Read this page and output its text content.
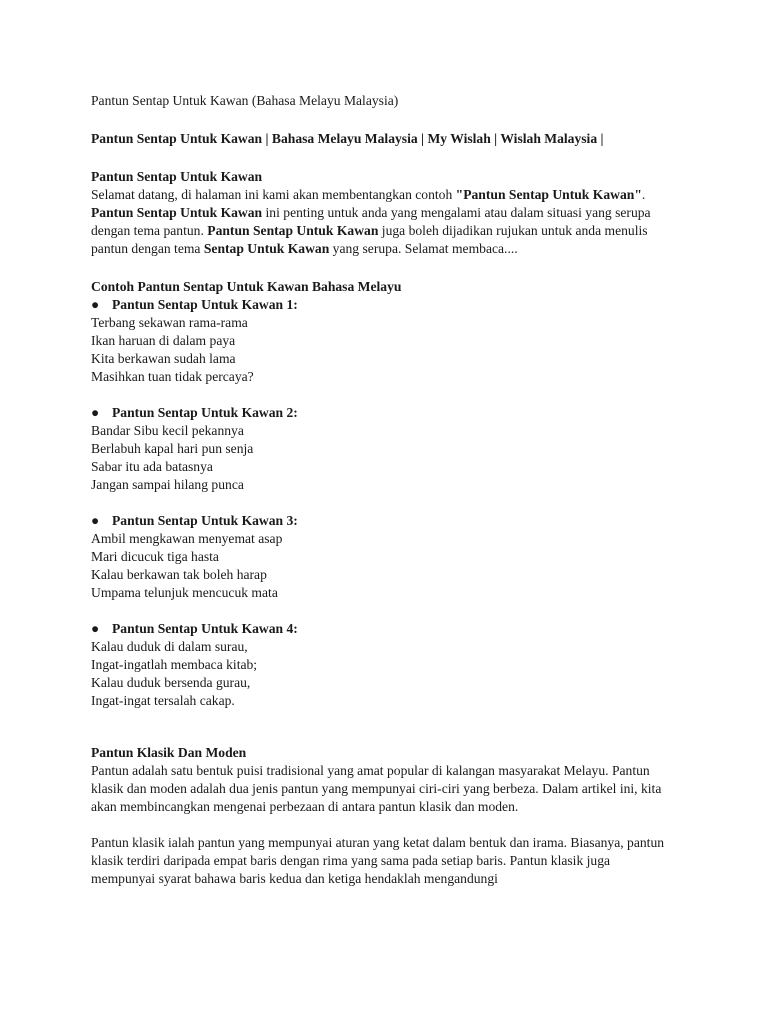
Pantun Sentap Untuk Kawan (Bahasa Melayu Malaysia)

Pantun Sentap Untuk Kawan | Bahasa Melayu Malaysia | My Wislah | Wislah Malaysia |

Pantun Sentap Untuk Kawan

Selamat datang, di halaman ini kami akan membentangkan contoh "Pantun Sentap Untuk Kawan". Pantun Sentap Untuk Kawan ini penting untuk anda yang mengalami atau dalam situasi yang serupa dengan tema pantun. Pantun Sentap Untuk Kawan juga boleh dijadikan rujukan untuk anda menulis pantun dengan tema Sentap Untuk Kawan yang serupa. Selamat membaca....

Contoh Pantun Sentap Untuk Kawan Bahasa Melayu

● Pantun Sentap Untuk Kawan 1:

Terbang sekawan rama-rama
Ikan haruan di dalam paya
Kita berkawan sudah lama
Masihkan tuan tidak percaya?

● Pantun Sentap Untuk Kawan 2:

Bandar Sibu kecil pekannya
Berlabuh kapal hari pun senja
Sabar itu ada batasnya
Jangan sampai hilang punca

● Pantun Sentap Untuk Kawan 3:

Ambil mengkawan menyemat asap
Mari dicucuk tiga hasta
Kalau berkawan tak boleh harap
Umpama telunjuk mencucuk mata

● Pantun Sentap Untuk Kawan 4:

Kalau duduk di dalam surau,
Ingat-ingatlah membaca kitab;
Kalau duduk bersenda gurau,
Ingat-ingat tersalah cakap.

Pantun Klasik Dan Moden

Pantun adalah satu bentuk puisi tradisional yang amat popular di kalangan masyarakat Melayu. Pantun klasik dan moden adalah dua jenis pantun yang mempunyai ciri-ciri yang berbeza. Dalam artikel ini, kita akan membincangkan mengenai perbezaan di antara pantun klasik dan moden.

Pantun klasik ialah pantun yang mempunyai aturan yang ketat dalam bentuk dan irama. Biasanya, pantun klasik terdiri daripada empat baris dengan rima yang sama pada setiap baris. Pantun klasik juga mempunyai syarat bahawa baris kedua dan ketiga hendaklah mengandungi
